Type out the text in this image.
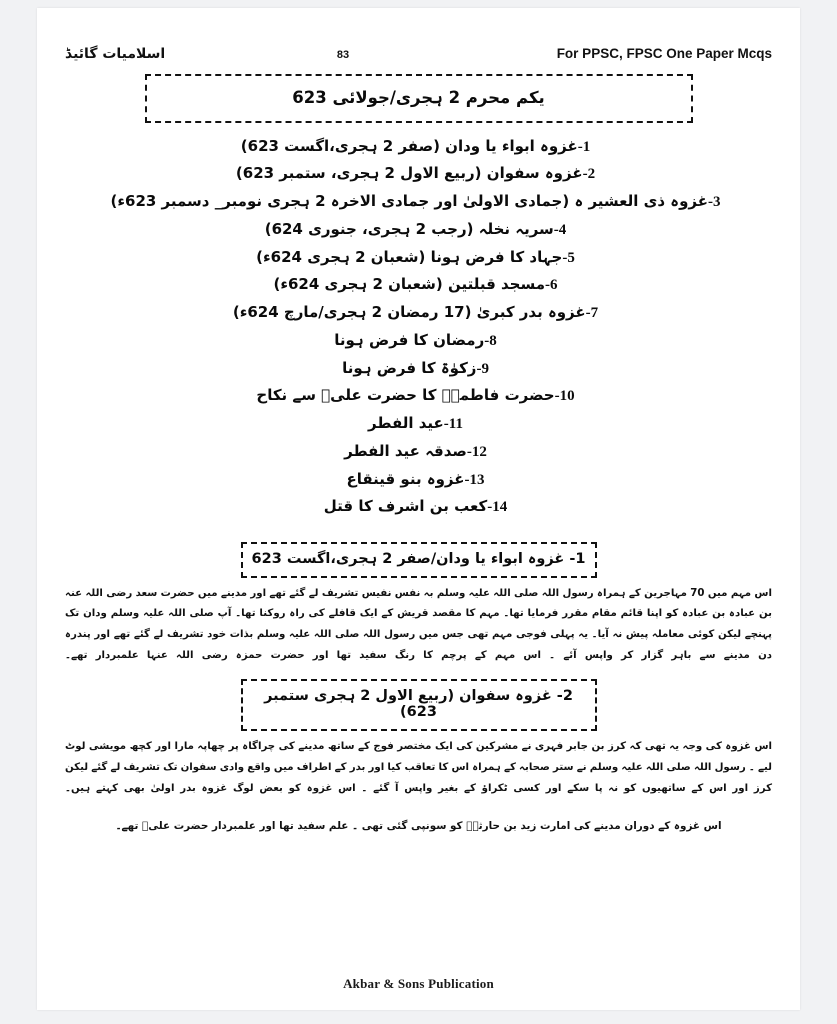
اسلامیات گائیڈ	83	For PPSC, FPSC One Paper Mcqs
یکم محرم 2 ہجری/جولائی 623
1-غزوہ ابواء یا ودان (صفر 2 ہجری،اگست 623)
2-غزوہ سفوان (ربیع الاول 2 ہجری، ستمبر 623)
3-غزوہ ذی العشیر ہ (جمادی الاولیٰ اور جمادی الاخرہ 2 ہجری نومبر_ دسمبر 623ء)
4-سریہ نخلہ (رجب 2 ہجری، جنوری 624)
5-جہاد کا فرض ہونا (شعبان 2 ہجری 624ء)
6-مسجد قبلتین (شعبان 2 ہجری 624ء)
7-غزوہ بدر کبریٰ (17 رمضان 2 ہجری/مارچ 624ء)
8-رمضان کا فرض ہونا
9-زکوٰۃ کا فرض ہونا
10-حضرت فاطمہؓ کا حضرت علیؓ سے نکاح
11-عید الفطر
12-صدقہ عید الفطر
13-غزوہ بنو قینقاع
14-کعب بن اشرف کا قتل
1- غزوہ ابواء یا ودان/صفر 2 ہجری،اگست 623

اس مہم میں 70 مہاجرین کے ہمراہ رسول اللہ صلی اللہ علیہ وسلم بہ نفس نفیس تشریف لے گئے تھے اور مدینے میں حضرت سعد رضی اللہ عنہ بن عبادہ بن عبادہ کو اپنا قائم مقام مقرر فرمایا تھا۔ مہم کا مقصد قریش کے ایک قافلے کی راہ روکنا تھا۔ آپ صلی اللہ علیہ وسلم ودان تک پہنچے لیکن کوئی معاملہ پیش نہ آیا۔ یہ پہلی فوجی مہم تھی جس میں رسول اللہ صلی اللہ علیہ وسلم بذات خود تشریف لے گئے تھے اور پندرہ دن مدینے سے باہر گزار کر واپس آئے ۔ اس مہم کے پرچم کا رنگ سفید تھا اور حضرت حمزہ رضی اللہ عنہا علمبردار تھے۔

2- غزوہ سفوان (ربیع الاول 2 ہجری ستمبر 623)

اس غزوہ کی وجہ یہ تھی کہ کرز بن جابر فہری نے مشرکین کی ایک مختصر فوج کے ساتھ مدینے کی چراگاہ پر چھاپہ مارا اور کچھ مویشی لوٹ لیے ۔ رسول اللہ صلی اللہ علیہ وسلم نے ستر صحابہ کے ہمراہ اس کا تعاقب کیا اور بدر کے اطراف میں واقع وادی سفوان تک تشریف لے گئے لیکن کرز اور اس کے ساتھیوں کو نہ پا سکے اور کسی ٹکراؤ کے بغیر واپس آ گئے ۔ اس غزوہ کو بعض لوگ غزوہ بدر اولیٰ بھی کہتے ہیں۔

اس غزوہ کے دوران مدینے کی امارت زید بن حارثہؓ کو سونپی گئی تھی ۔ علم سفید تھا اور علمبردار حضرت علیؓ تھے۔

Akbar & Sons Publication
